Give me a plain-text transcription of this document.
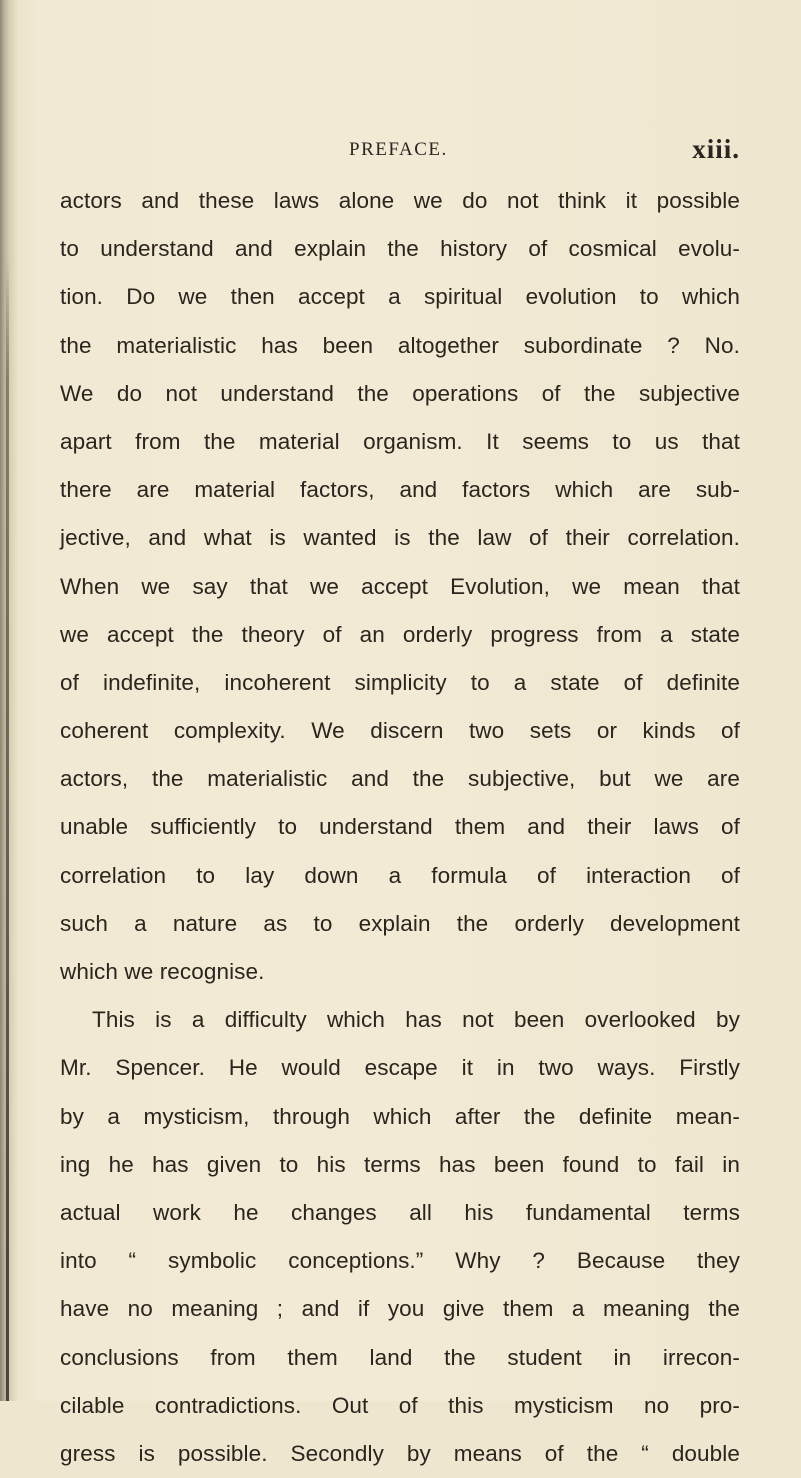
PREFACE.	xiii.
actors and these laws alone we do not think it possible
to understand and explain the history of cosmical evolu-
tion. Do we then accept a spiritual evolution to which
the materialistic has been altogether subordinate ? No.
We do not understand the operations of the subjective
apart from the material organism. It seems to us that
there are material factors, and factors which are sub-
jective, and what is wanted is the law of their correlation.
When we say that we accept Evolution, we mean that
we accept the theory of an orderly progress from a state
of indefinite, incoherent simplicity to a state of definite
coherent complexity. We discern two sets or kinds of
actors, the materialistic and the subjective, but we are
unable sufficiently to understand them and their laws of
correlation to lay down a formula of interaction of
such a nature as to explain the orderly development
which we recognise.
This is a difficulty which has not been overlooked by
Mr. Spencer. He would escape it in two ways. Firstly
by a mysticism, through which after the definite mean-
ing he has given to his terms has been found to fail in
actual work he changes all his fundamental terms
into “ symbolic conceptions.” Why ? Because they
have no meaning ; and if you give them a meaning the
conclusions from them land the student in irrecon-
cilable contradictions. Out of this mysticism no pro-
gress is possible. Secondly by means of the “ double
